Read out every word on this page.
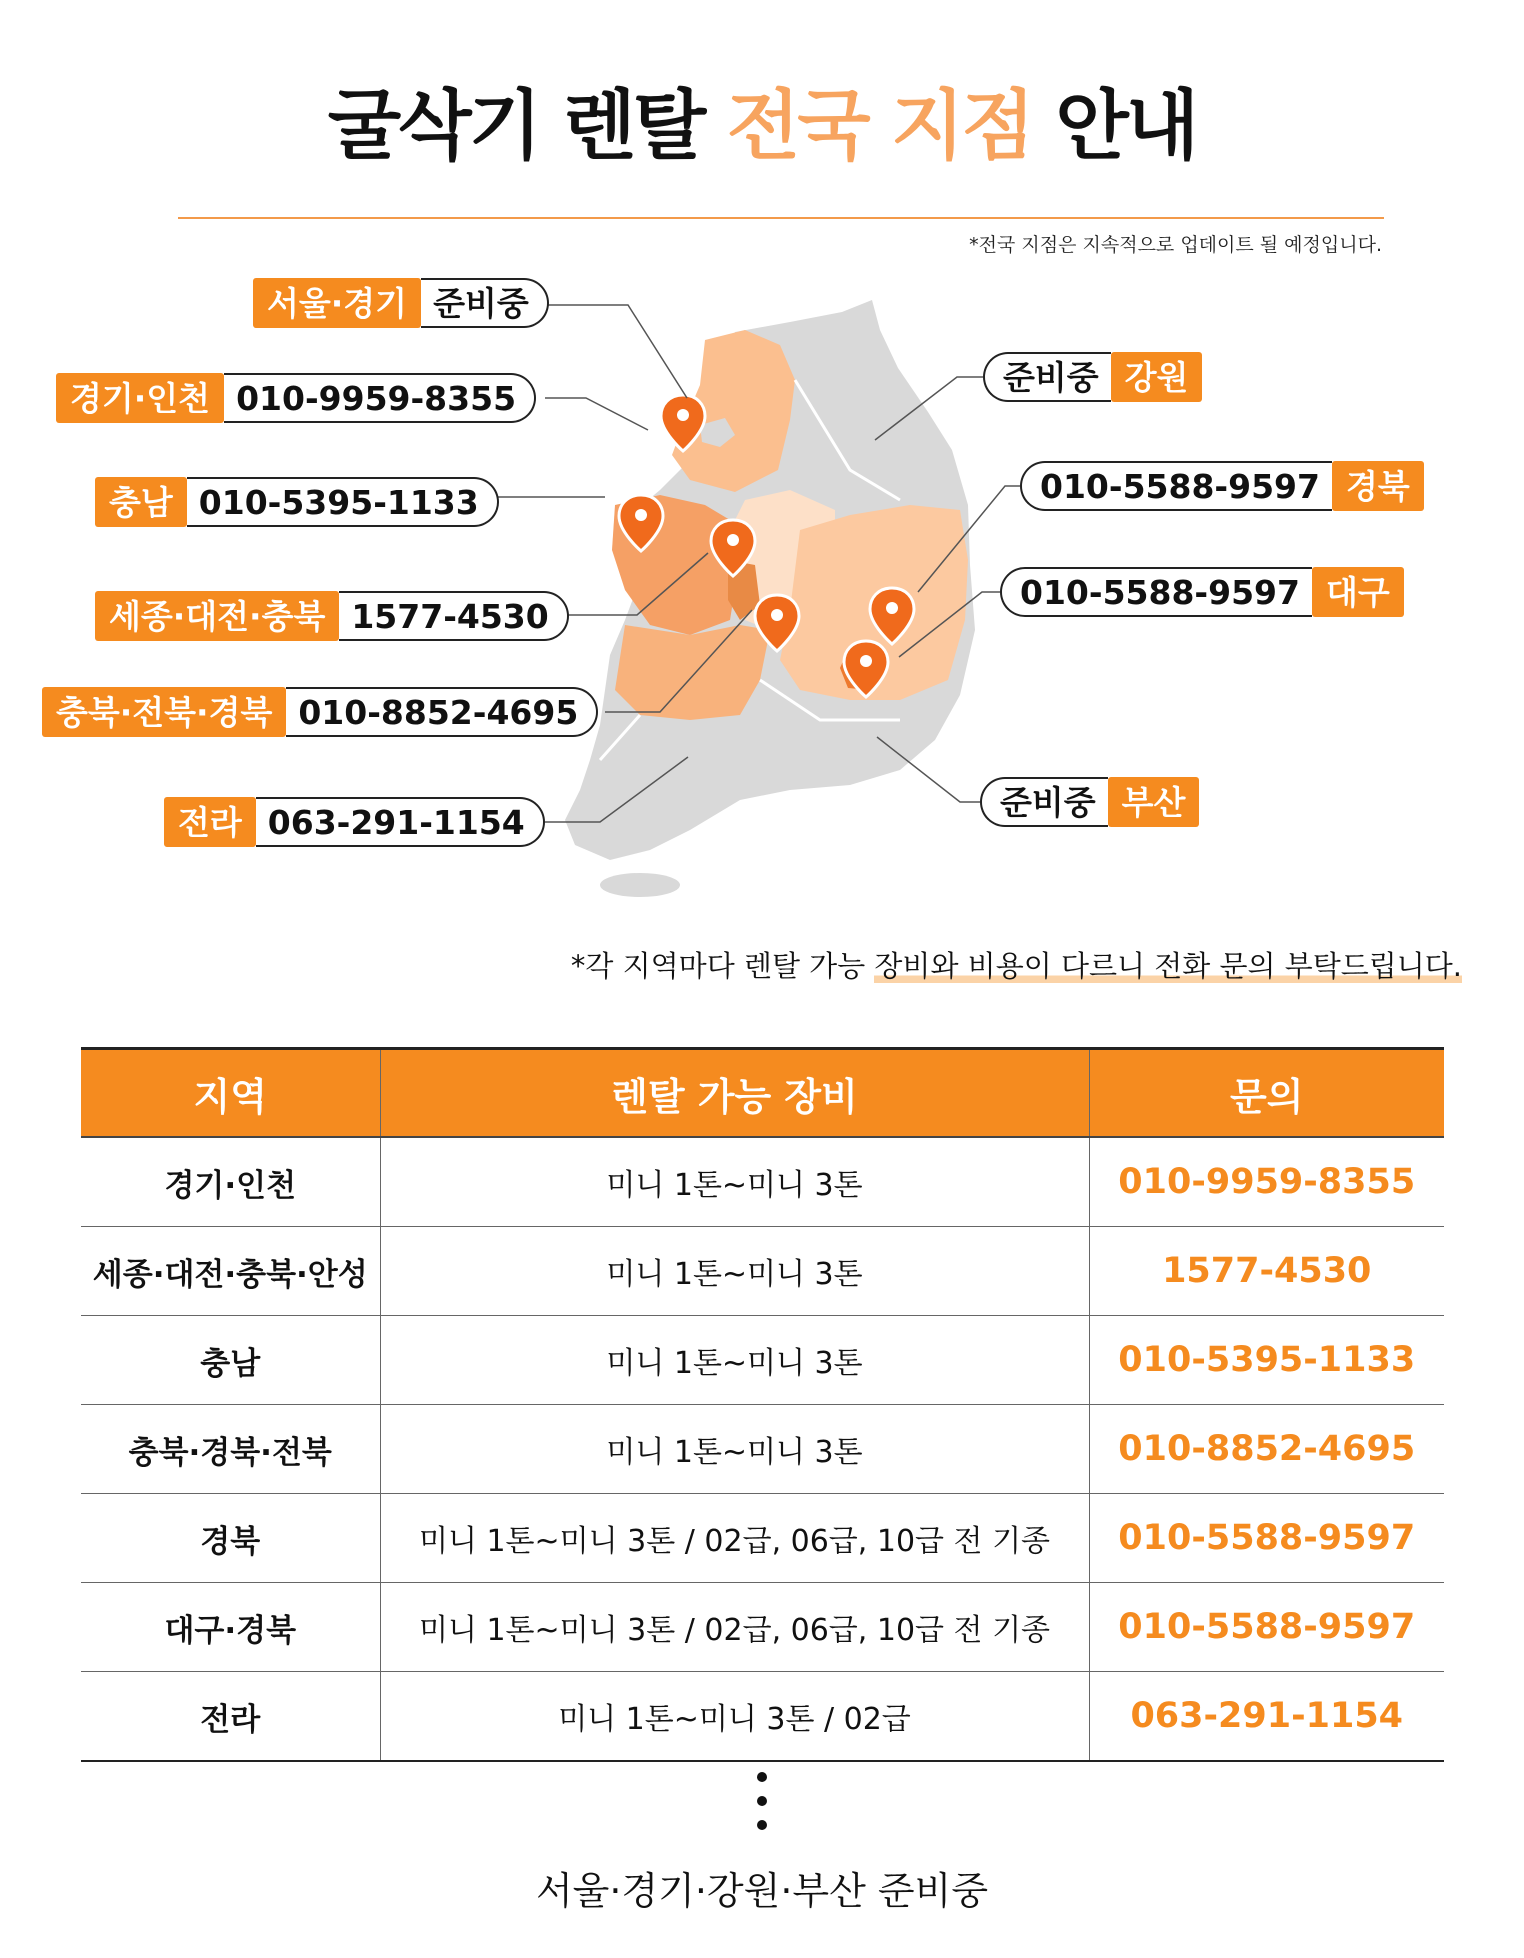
굴삭기 렌탈 전국 지점 안내
*전국 지점은 지속적으로 업데이트 될 예정입니다.
서울·경기 준비중
경기·인천 010-9959-8355
충남 010-5395-1133
세종·대전·충북 1577-4530
충북·전북·경북 010-8852-4695
전라 063-291-1154
준비중 강원
010-5588-9597 경북
010-5588-9597 대구
준비중 부산
*각 지역마다 렌탈 가능 장비와 비용이 다르니 전화 문의 부탁드립니다.
지역	렌탈 가능 장비	문의
경기·인천	미니 1톤~미니 3톤	010-9959-8355
세종·대전·충북·안성	미니 1톤~미니 3톤	1577-4530
충남	미니 1톤~미니 3톤	010-5395-1133
충북·경북·전북	미니 1톤~미니 3톤	010-8852-4695
경북	미니 1톤~미니 3톤 / 02급, 06급, 10급 전 기종	010-5588-9597
대구·경북	미니 1톤~미니 3톤 / 02급, 06급, 10급 전 기종	010-5588-9597
전라	미니 1톤~미니 3톤 / 02급	063-291-1154
서울·경기·강원·부산 준비중
